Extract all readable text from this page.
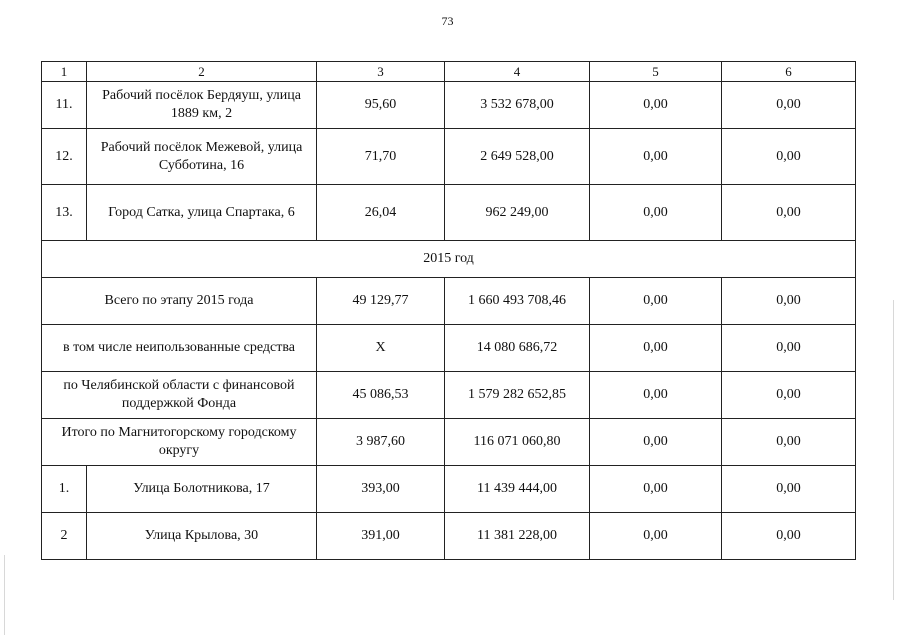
73
1	2	3	4	5	6
11.	Рабочий посёлок Бердяуш, улица 1889 км, 2	95,60	3 532 678,00	0,00	0,00
12.	Рабочий посёлок Межевой, улица Субботина, 16	71,70	2 649 528,00	0,00	0,00
13.	Город Сатка, улица Спартака, 6	26,04	962 249,00	0,00	0,00
2015 год					
Всего по этапу 2015 года		49 129,77	1 660 493 708,46	0,00	0,00
в том числе неипользованные средства		X	14 080 686,72	0,00	0,00
по Челябинской области с финансовой поддержкой Фонда		45 086,53	1 579 282 652,85	0,00	0,00
Итого по Магнитогорскому городскому округу		3 987,60	116 071 060,80	0,00	0,00
1.	Улица Болотникова, 17	393,00	11 439 444,00	0,00	0,00
2	Улица Крылова, 30	391,00	11 381 228,00	0,00	0,00
